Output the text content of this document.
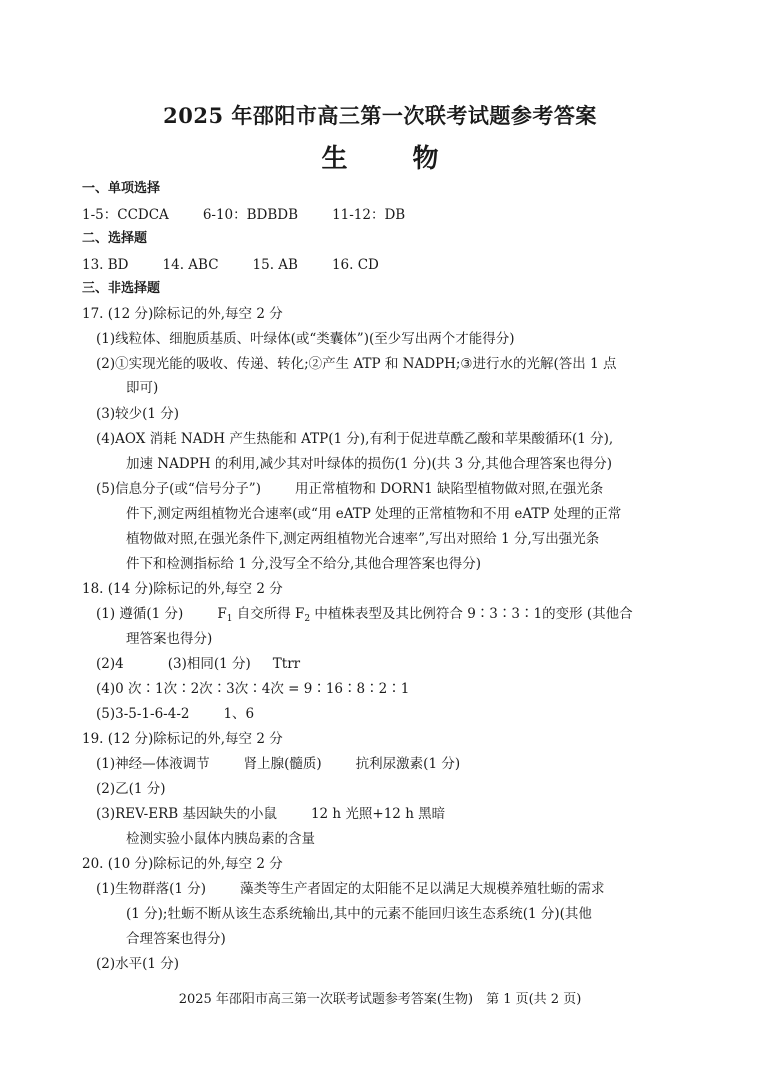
2025 年邵阳市高三第一次联考试题参考答案
生 物
一、单项选择
1-5：CCDCA	6-10：BDBDB	11-12：DB
二、选择题
13. BD	14. ABC	15. AB	16. CD
三、非选择题
17. (12 分)除标记的外,每空 2 分
(1)线粒体、细胞质基质、叶绿体(或“类囊体”)(至少写出两个才能得分)
(2)①实现光能的吸收、传递、转化;②产生 ATP 和 NADPH;③进行水的光解(答出 1 点
即可)
(3)较少(1 分)
(4)AOX 消耗 NADH 产生热能和 ATP(1 分),有利于促进草酰乙酸和苹果酸循环(1 分),
加速 NADPH 的利用,减少其对叶绿体的损伤(1 分)(共 3 分,其他合理答案也得分)
(5)信息分子(或“信号分子”)	用正常植物和 DORN1 缺陷型植物做对照,在强光条
件下,测定两组植物光合速率(或“用 eATP 处理的正常植物和不用 eATP 处理的正常
植物做对照,在强光条件下,测定两组植物光合速率”,写出对照给 1 分,写出强光条
件下和检测指标给 1 分,没写全不给分,其他合理答案也得分)
18. (14 分)除标记的外,每空 2 分
(1) 遵循(1 分)	$F_1$ 自交所得 $F_2$ 中植株表型及其比例符合 9∶3∶3∶1的变形 (其他合
理答案也得分)
(2)4	(3)相同(1 分) Ttrr
(4)0 次∶1次∶2次∶3次∶4次 = 9∶16∶8∶2∶1
(5)3-5-1-6-4-2	1、6
19. (12 分)除标记的外,每空 2 分
(1)神经—体液调节	肾上腺(髓质)	抗利尿激素(1 分)
(2)乙(1 分)
(3)REV-ERB 基因缺失的小鼠	12 h 光照+12 h 黑暗
检测实验小鼠体内胰岛素的含量
20. (10 分)除标记的外,每空 2 分
(1)生物群落(1 分)	藻类等生产者固定的太阳能不足以满足大规模养殖牡蛎的需求
(1 分);牡蛎不断从该生态系统输出,其中的元素不能回归该生态系统(1 分)(其他
合理答案也得分)
(2)水平(1 分)
2025 年邵阳市高三第一次联考试题参考答案(生物)　第 1 页(共 2 页)
